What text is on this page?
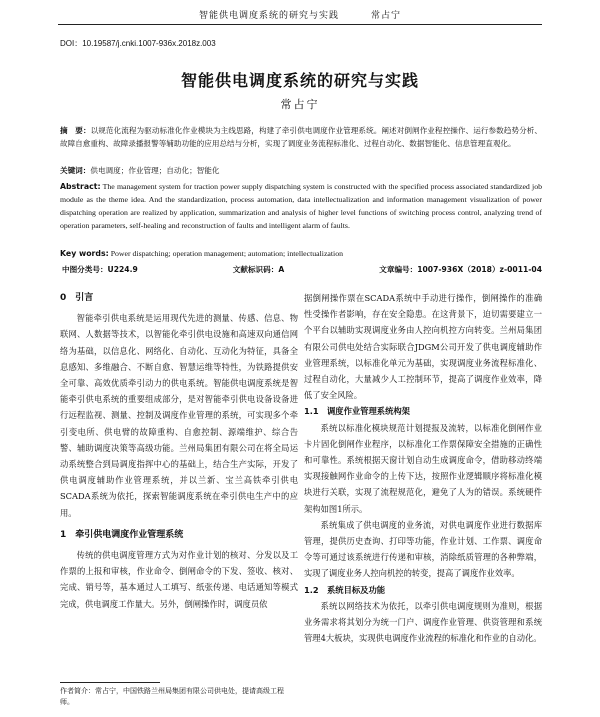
智能供电调度系统的研究与实践	常占宁
DOI：10.19587/j.cnki.1007-936x.2018z.003
智能供电调度系统的研究与实践
常占宁
摘　要：以规范化流程为驱动标准化作业模块为主线思路，构建了牵引供电调度作业管理系统。阐述对倒闸作业程控操作、运行参数趋势分析、故障自愈重构、故障录播报警等辅助功能的应用总结与分析，实现了调度业务流程标准化、过程自动化、数据智能化、信息管理直观化。
关键词：供电调度；作业管理；自动化；智能化
Abstract: The management system for traction power supply dispatching system is constructed with the specified process associated standardized job module as the theme idea. And the standardization, process automation, data intellectualization and information management visualization of power dispatching operation are realized by application, summarization and analysis of higher level functions of switching process control, analyzing trend of operation parameters, self-healing and reconstruction of faults and intelligent alarm of faults.
Key words: Power dispatching; operation management; automation; intellectualization
中图分类号：U224.9	文献标识码：A	文章编号：1007-936X（2018）z-0011-04
0　引言

智能牵引供电系统是运用现代先进的测量、传感、信息、物联网、人数据等技术，以智能化牵引供电设施和高速双向通信网络为基础，以信息化、网络化、自动化、互动化为特征，具备全息感知、多维融合、不断自愈、智慧运维等特性，为铁路提供安全可靠、高效优质牵引动力的供电系统。智能供电调度系统是智能牵引供电系统的重要组成部分，是对智能牵引供电设备设备进行远程监视、测量、控制及调度作业管理的系统，可实现多个牵引变电所、供电臂的故障重构、自愈控制、源端维护、综合告警、辅助调度决策等高级功能。兰州局集团有限公司在将全局运动系统整合到局调度指挥中心的基础上，结合生产实际，开发了供电调度辅助作业管理系统，并以兰新、宝兰高铁牵引供电SCADA系统为依托，探索智能调度系统在牵引供电生产中的应用。

1　牵引供电调度作业管理系统

传统的供电调度管理方式为对作业计划的核对、分发以及工作票的上报和审核，作业命令、倒闸命令的下发、签收、核对、完成、销号等，基本通过人工填写、纸张传递、电话通知等模式完成，供电调度工作量大。另外，倒闸操作时，调度员依

据倒闸操作票在SCADA系统中手动进行操作，倒闸操作的准确性受操作者影响，存在安全隐患。在这背景下，迫切需要建立一个平台以辅助实现调度业务由人控向机控方向转变。兰州局集团有限公司供电处结合实际联合JDGM公司开发了供电调度辅助作业管理系统，以标准化单元为基础，实现调度业务流程标准化、过程自动化，大量减少人工控制环节，提高了调度作业效率，降低了安全风险。

1.1　调度作业管理系统构架

系统以标准化模块规范计划提报及流转，以标准化倒闸作业卡片固化倒闸作业程序，以标准化工作票保障安全措施的正确性和可靠性。系统根据天窗计划自动生成调度命令，借助移动终端实现接触网作业命令的上传下达，按照作业逻辑顺序将标准化模块进行关联，实现了流程规范化，避免了人为的错误。系统硬件架构如图1所示。

系统集成了供电调度的业务流，对供电调度作业进行数据库管理，提供历史查询、打印等功能，作业计划、工作票、调度命令等可通过该系统进行传递和审核，消除纸质管理的各种弊端，实现了调度业务人控向机控的转变，提高了调度作业效率。

1.2　系统目标及功能

系统以网络技术为依托，以牵引供电调度规则为准则，根据业务需求将其划分为统一门户、调度作业管理、供资管理和系统管理4大板块，实现供电调度作业流程的标准化和作业的自动化。

作者简介：常占宁，中国铁路兰州局集团有限公司供电处，提请高级工程师。
